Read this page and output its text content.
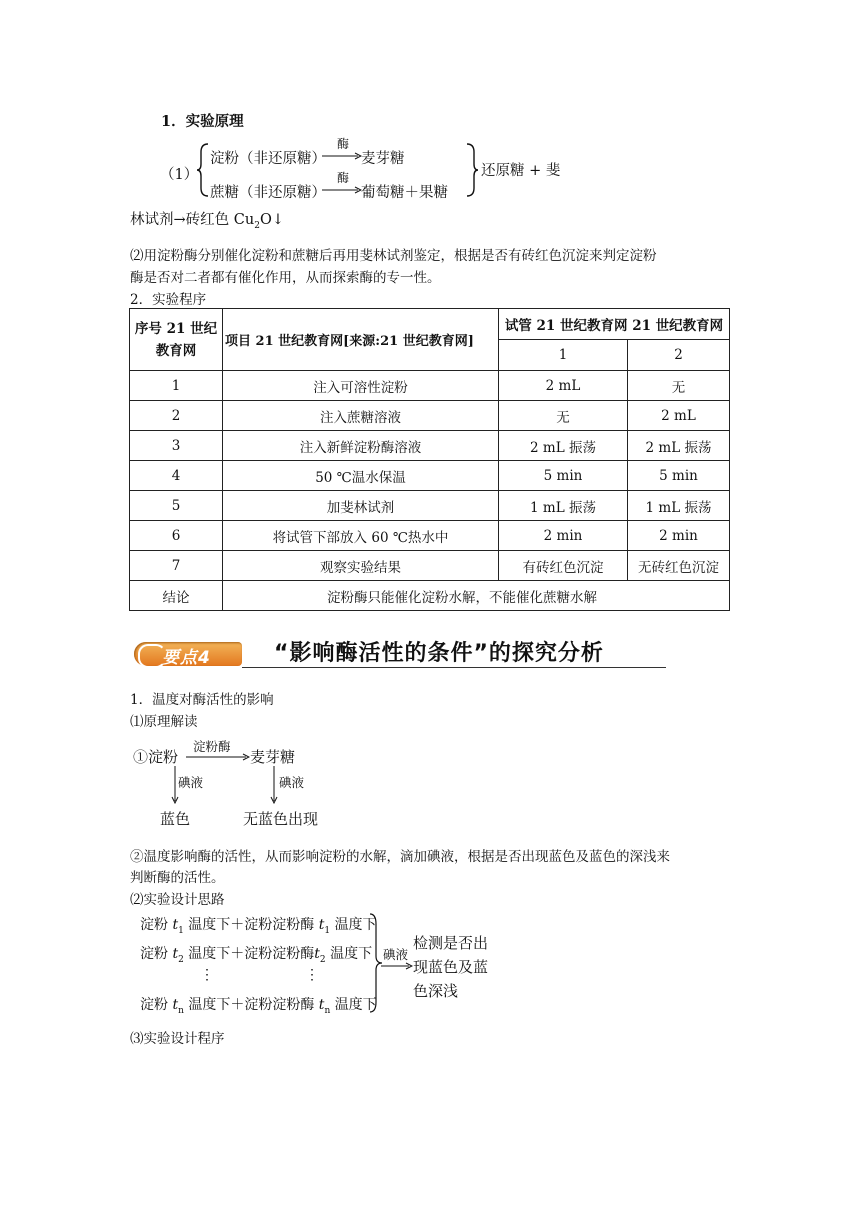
1．实验原理
（1）
淀粉（非还原糖）
酶
麦芽糖
蔗糖（非还原糖）
酶
葡萄糖＋果糖
还原糖 + 斐
林试剂→砖红色 $Cu_2O↓$
⑵用淀粉酶分别催化淀粉和蔗糖后再用斐林试剂鉴定，根据是否有砖红色沉淀来判定淀粉
酶是否对二者都有催化作用，从而探索酶的专一性。
2．实验程序
序号 21 世纪
教育网	项目 21 世纪教育网[来源:21 世纪教育网]	试管 21 世纪教育网 21 世纪教育网	
		1	2
1	注入可溶性淀粉	2 mL	无
2	注入蔗糖溶液	无	2 mL
3	注入新鲜淀粉酶溶液	2 mL 振荡	2 mL 振荡
4	50 ℃温水保温	5 min	5 min
5	加斐林试剂	1 mL 振荡	1 mL 振荡
6	将试管下部放入 60 ℃热水中	2 min	2 min
7	观察实验结果	有砖红色沉淀	无砖红色沉淀
结论	淀粉酶只能催化淀粉水解，不能催化蔗糖水解		
要点4	“影响酶活性的条件”的探究分析
1．温度对酶活性的影响
⑴原理解读
①淀粉
淀粉酶
麦芽糖
碘液	碘液
蓝色	无蓝色出现
②温度影响酶的活性，从而影响淀粉的水解，滴加碘液，根据是否出现蓝色及蓝色的深浅来
判断酶的活性。
⑵实验设计思路
淀粉 $t_1$ 温度下＋淀粉淀粉酶 $t_1$ 温度下
淀粉 $t_2$ 温度下＋淀粉淀粉酶$t_2$ 温度下
⋮	⋮
淀粉 $t_n$ 温度下＋淀粉淀粉酶 $t_n$ 温度下
碘液
检测是否出
现蓝色及蓝
色深浅
⑶实验设计程序
